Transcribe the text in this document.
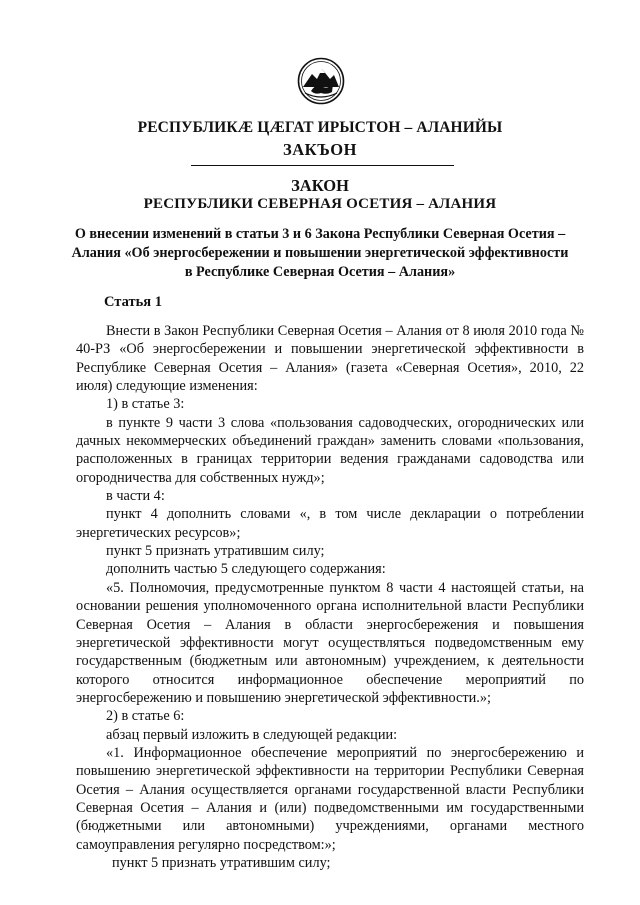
РЕСПУБЛИКÆ ЦÆГАТ ИРЫСТОН – АЛАНИЙЫ
ЗАКЪОН
ЗАКОН
РЕСПУБЛИКИ СЕВЕРНАЯ ОСЕТИЯ – АЛАНИЯ
О внесении изменений в статьи 3 и 6 Закона Республики Северная Осетия – Алания «Об энергосбережении и повышении энергетической эффективности в Республике Северная Осетия – Алания»
Статья 1

Внести в Закон Республики Северная Осетия – Алания от 8 июля 2010 года № 40-РЗ «Об энергосбережении и повышении энергетической эффективности в Республике Северная Осетия – Алания» (газета «Северная Осетия», 2010, 22 июля) следующие изменения:

1) в статье 3:

в пункте 9 части 3 слова «пользования садоводческих, огороднических или дачных некоммерческих объединений граждан» заменить словами «пользования, расположенных в границах территории ведения гражданами садоводства или огородничества для собственных нужд»;

в части 4:

пункт 4 дополнить словами «, в том числе декларации о потреблении энергетических ресурсов»;

пункт 5 признать утратившим силу;

дополнить частью 5 следующего содержания:

«5. Полномочия, предусмотренные пунктом 8 части 4 настоящей статьи, на основании решения уполномоченного органа исполнительной власти Республики Северная Осетия – Алания в области энергосбережения и повышения энергетической эффективности могут осуществляться подведомственным ему государственным (бюджетным или автономным) учреждением, к деятельности которого относится информационное обеспечение мероприятий по энергосбережению и повышению энергетической эффективности.»;

2) в статье 6:

абзац первый изложить в следующей редакции:

«1. Информационное обеспечение мероприятий по энергосбережению и повышению энергетической эффективности на территории Республики Северная Осетия – Алания осуществляется органами государственной власти Республики Северная Осетия – Алания и (или) подведомственными им государственными (бюджетными или автономными) учреждениями, органами местного самоуправления регулярно посредством:»;

пункт 5 признать утратившим силу;
